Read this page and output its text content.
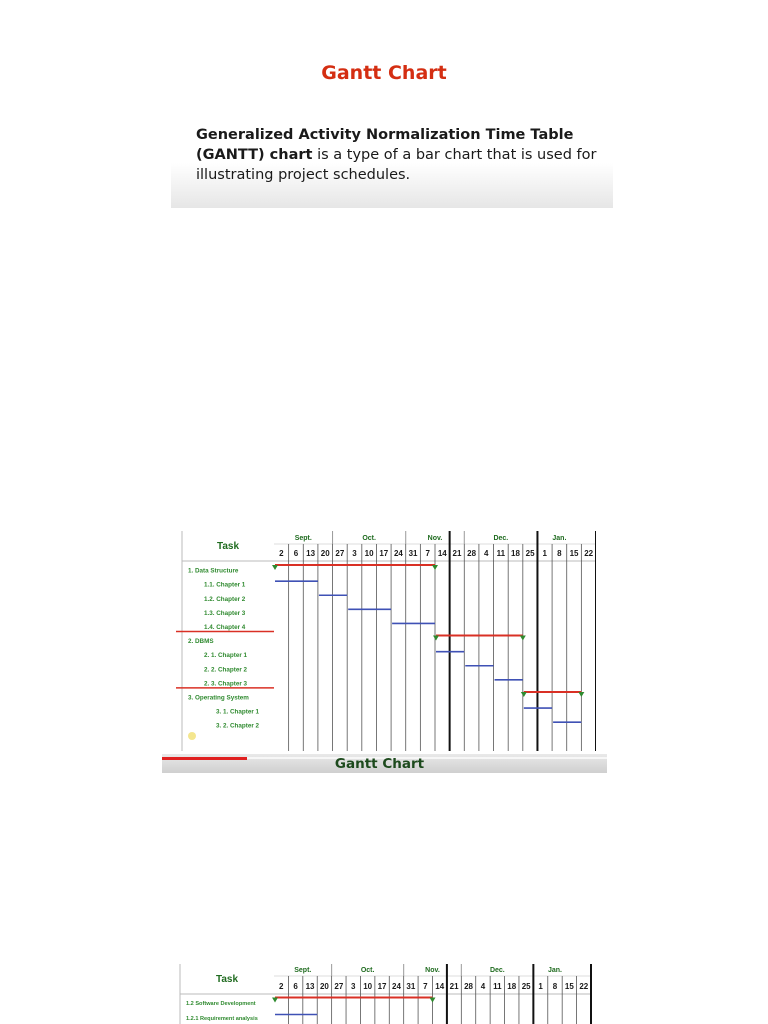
Gantt Chart
Generalized Activity Normalization Time Table (GANTT) chart is a type of a bar chart that is used for illustrating project schedules.
Task
Sept.	Oct.	Nov.	Dec.	Jan.
2 6 13 20 27 3 10 17 24 31 7 14 21 28 4 11 18 25 1 8 15 22
1. Data Structure
1.1. Chapter 1
1.2. Chapter 2
1.3. Chapter 3
1.4. Chapter 4
2. DBMS
2. 1. Chapter 1
2. 2. Chapter 2
2. 3. Chapter 3
3. Operating System
3. 1. Chapter 1
3. 2. Chapter 2
Gantt Chart
Task
Sept.	Oct.	Nov.	Dec.	Jan.
2 6 13 20 27 3 10 17 24 31 7 14 21 28 4 11 18 25 1 8 15 22
1.2 Software Development
1.2.1 Requirement analysis
